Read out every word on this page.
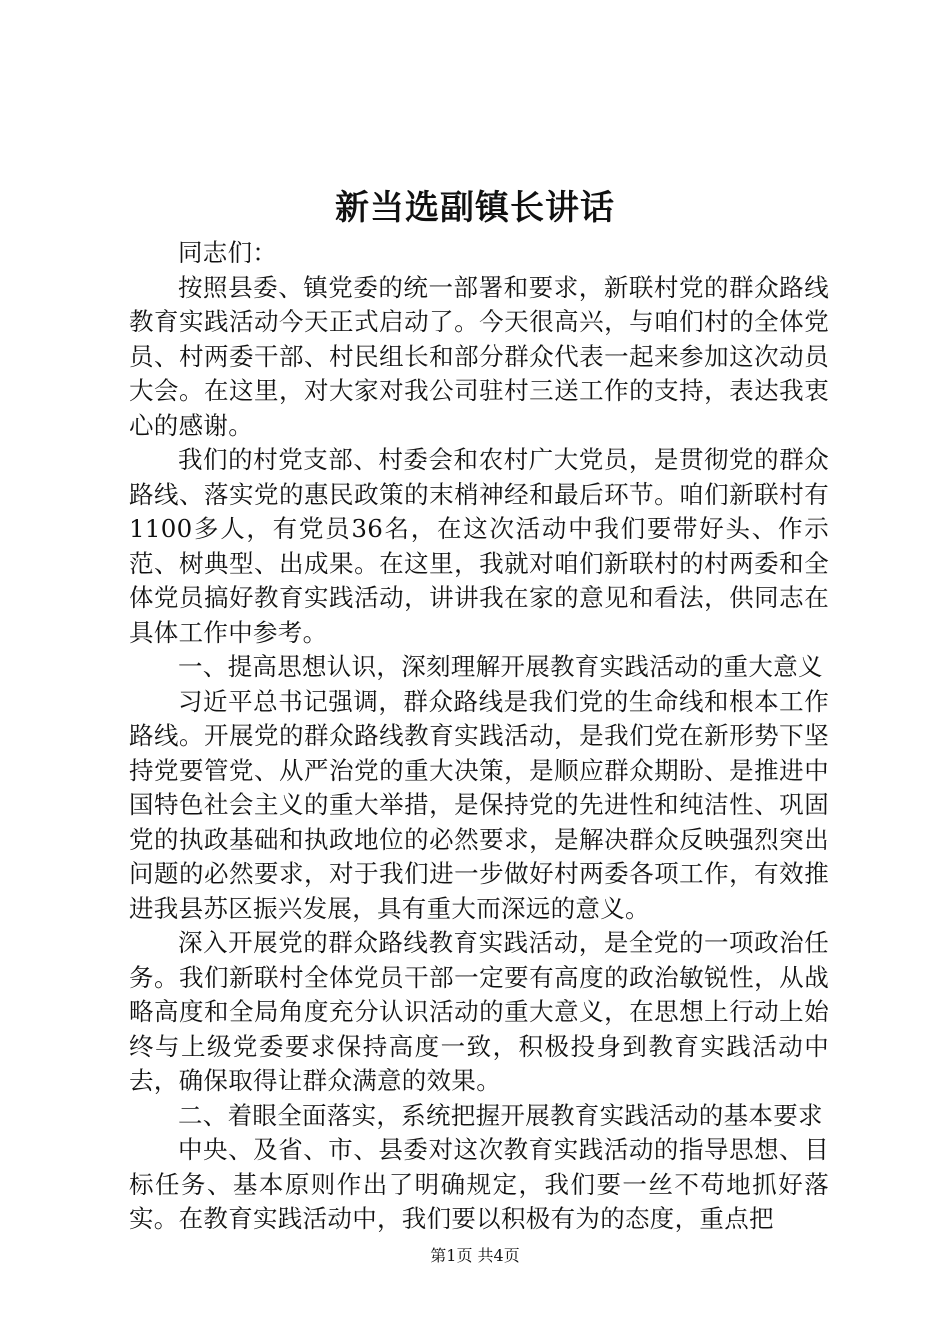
新当选副镇长讲话

同志们：

按照县委、镇党委的统一部署和要求，新联村党的群众路线教育实践活动今天正式启动了。今天很高兴，与咱们村的全体党员、村两委干部、村民组长和部分群众代表一起来参加这次动员大会。在这里，对大家对我公司驻村三送工作的支持，表达我衷心的感谢。

我们的村党支部、村委会和农村广大党员，是贯彻党的群众路线、落实党的惠民政策的末梢神经和最后环节。咱们新联村有1100多人，有党员36名，在这次活动中我们要带好头、作示范、树典型、出成果。在这里，我就对咱们新联村的村两委和全体党员搞好教育实践活动，讲讲我在家的意见和看法，供同志在具体工作中参考。

一、提高思想认识，深刻理解开展教育实践活动的重大意义

习近平总书记强调，群众路线是我们党的生命线和根本工作路线。开展党的群众路线教育实践活动，是我们党在新形势下坚持党要管党、从严治党的重大决策，是顺应群众期盼、是推进中国特色社会主义的重大举措，是保持党的先进性和纯洁性、巩固党的执政基础和执政地位的必然要求，是解决群众反映强烈突出问题的必然要求，对于我们进一步做好村两委各项工作，有效推进我县苏区振兴发展，具有重大而深远的意义。

深入开展党的群众路线教育实践活动，是全党的一项政治任务。我们新联村全体党员干部一定要有高度的政治敏锐性，从战略高度和全局角度充分认识活动的重大意义，在思想上行动上始终与上级党委要求保持高度一致，积极投身到教育实践活动中去，确保取得让群众满意的效果。

二、着眼全面落实，系统把握开展教育实践活动的基本要求

中央、及省、市、县委对这次教育实践活动的指导思想、目标任务、基本原则作出了明确规定，我们要一丝不苟地抓好落实。在教育实践活动中，我们要以积极有为的态度，重点把

第1页 共4页
